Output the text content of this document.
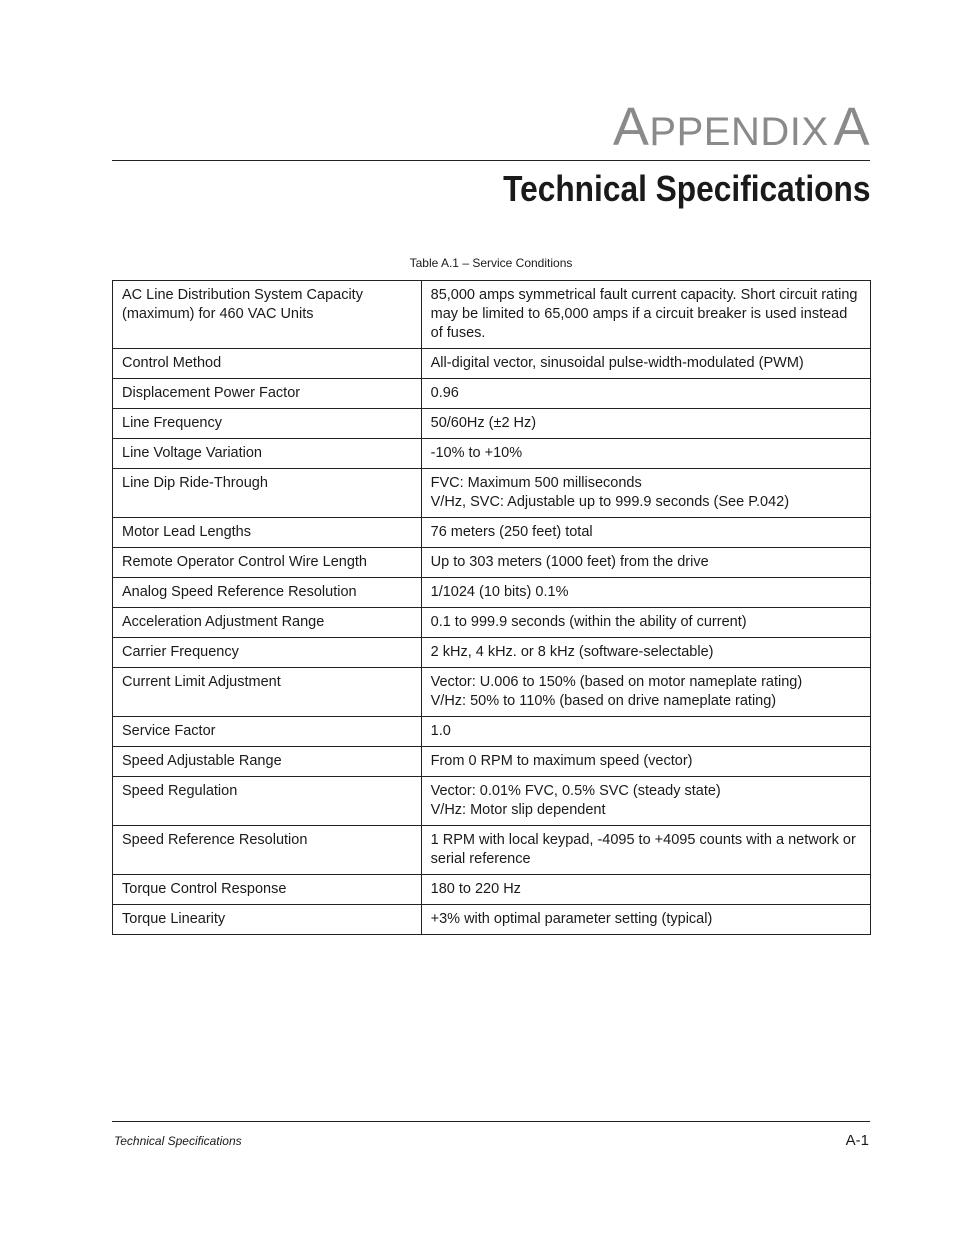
APPENDIX A
Technical Specifications
Table A.1 – Service Conditions
AC Line Distribution System Capacity
(maximum) for 460 VAC Units	85,000 amps symmetrical fault current capacity. Short circuit rating may be limited to 65,000 amps if a circuit breaker is used instead of fuses.

Control Method	All-digital vector, sinusoidal pulse-width-modulated (PWM)

Displacement Power Factor	0.96

Line Frequency	50/60Hz (±2 Hz)

Line Voltage Variation	-10% to +10%

Line Dip Ride-Through	FVC: Maximum 500 milliseconds
V/Hz, SVC: Adjustable up to 999.9 seconds (See P.042)

Motor Lead Lengths	76 meters (250 feet) total

Remote Operator Control Wire Length	Up to 303 meters (1000 feet) from the drive

Analog Speed Reference Resolution	1/1024 (10 bits) 0.1%

Acceleration Adjustment Range	0.1 to 999.9 seconds (within the ability of current)

Carrier Frequency	2 kHz, 4 kHz. or 8 kHz (software-selectable)

Current Limit Adjustment	Vector: U.006 to 150% (based on motor nameplate rating)
V/Hz: 50% to 110% (based on drive nameplate rating)

Service Factor	1.0

Speed Adjustable Range	From 0 RPM to maximum speed (vector)

Speed Regulation	Vector: 0.01% FVC, 0.5% SVC (steady state)
V/Hz: Motor slip dependent

Speed Reference Resolution	1 RPM with local keypad, -4095 to +4095 counts with a network or serial reference

Torque Control Response	180 to 220 Hz

Torque Linearity	+3% with optimal parameter setting (typical)
Technical Specifications	A-1
